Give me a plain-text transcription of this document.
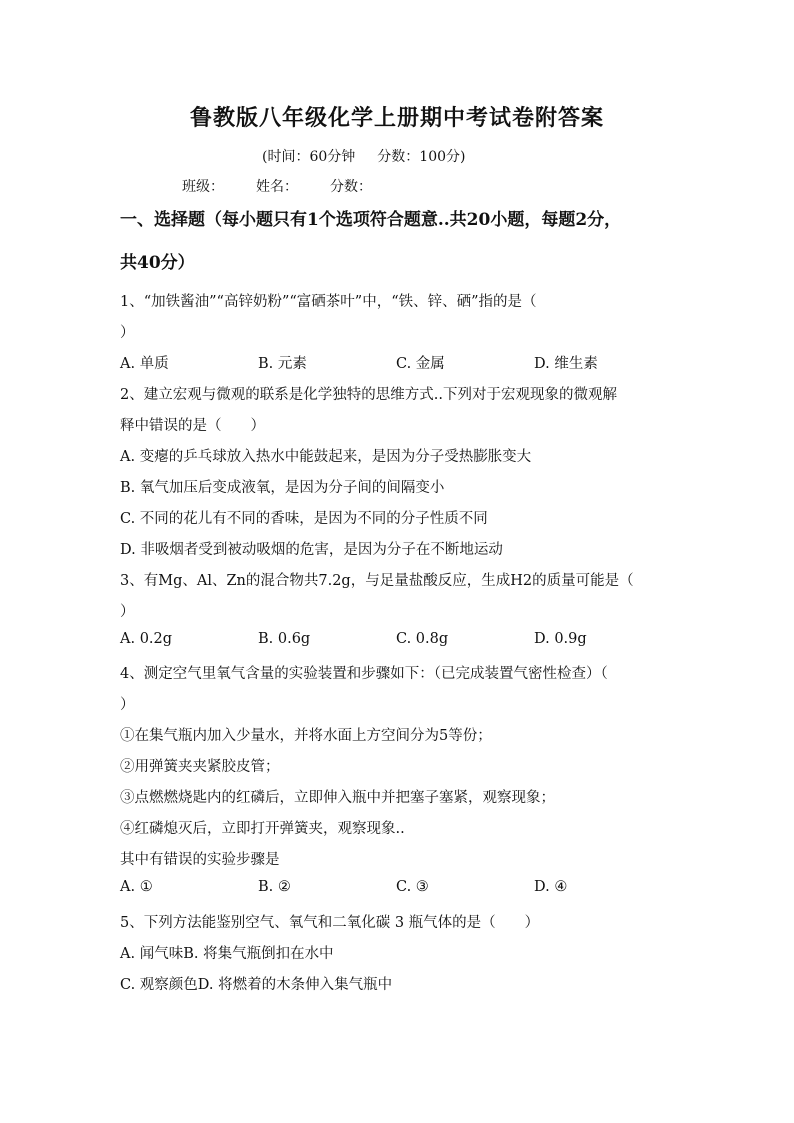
鲁教版八年级化学上册期中考试卷附答案
(时间：60分钟 分数：100分)
班级： 姓名： 分数：
一、选择题（每小题只有1个选项符合题意..共20小题，每题2分，
共40分）
1、“加铁酱油”“高锌奶粉”“富硒茶叶”中，“铁、锌、硒”指的是（
）
A. 单质	B. 元素	C. 金属	D. 维生素
2、建立宏观与微观的联系是化学独特的思维方式..下列对于宏观现象的微观解
释中错误的是（　　）
A. 变瘪的乒乓球放入热水中能鼓起来，是因为分子受热膨胀变大
B. 氧气加压后变成液氧，是因为分子间的间隔变小
C. 不同的花儿有不同的香味，是因为不同的分子性质不同
D. 非吸烟者受到被动吸烟的危害，是因为分子在不断地运动
3、有Mg、Al、Zn的混合物共7.2g，与足量盐酸反应，生成H2的质量可能是（
）
A. 0.2g	B. 0.6g	C. 0.8g	D. 0.9g
4、测定空气里氧气含量的实验装置和步骤如下：（已完成装置气密性检查）（
）
①在集气瓶内加入少量水，并将水面上方空间分为5等份；
②用弹簧夹夹紧胶皮管；
③点燃燃烧匙内的红磷后，立即伸入瓶中并把塞子塞紧，观察现象；
④红磷熄灭后，立即打开弹簧夹，观察现象..
其中有错误的实验步骤是
A. ①	B. ②	C. ③	D. ④
5、下列方法能鉴别空气、氧气和二氧化碳 3 瓶气体的是（　　）
A. 闻气味B. 将集气瓶倒扣在水中
C. 观察颜色D. 将燃着的木条伸入集气瓶中
